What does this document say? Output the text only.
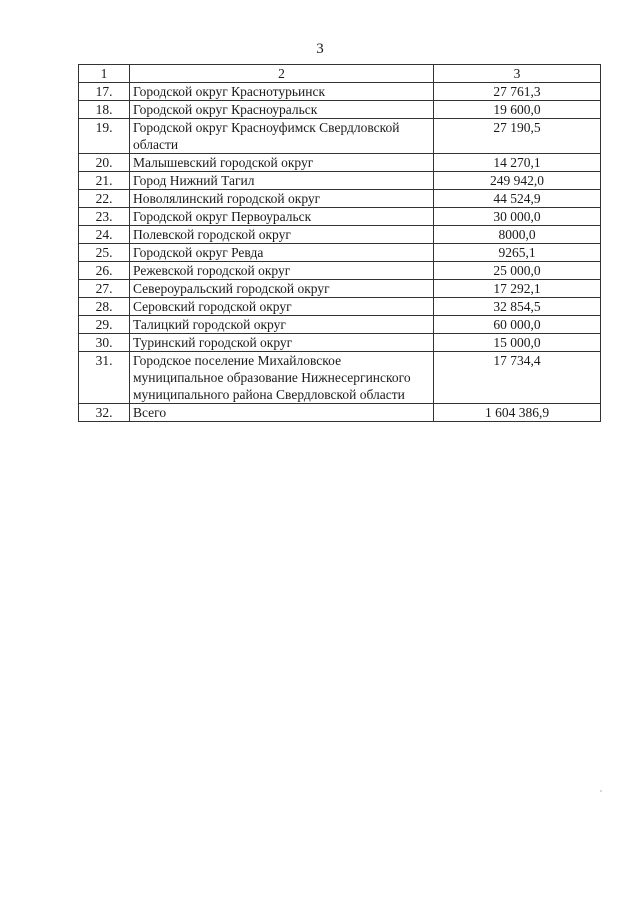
3
1	2	3
17.	Городской округ Краснотурьинск	27 761,3
18.	Городской округ Красноуральск	19 600,0
19.	Городской округ Красноуфимск Свердловской области	27 190,5
20.	Малышевский городской округ	14 270,1
21.	Город Нижний Тагил	249 942,0
22.	Новолялинский городской округ	44 524,9
23.	Городской округ Первоуральск	30 000,0
24.	Полевской городской округ	8000,0
25.	Городской округ Ревда	9265,1
26.	Режевской городской округ	25 000,0
27.	Североуральский городской округ	17 292,1
28.	Серовский городской округ	32 854,5
29.	Талицкий городской округ	60 000,0
30.	Туринский городской округ	15 000,0
31.	Городское поселение Михайловское муниципальное образование Нижнесергинского муниципального района Свердловской области	17 734,4
32.	Всего	1 604 386,9
